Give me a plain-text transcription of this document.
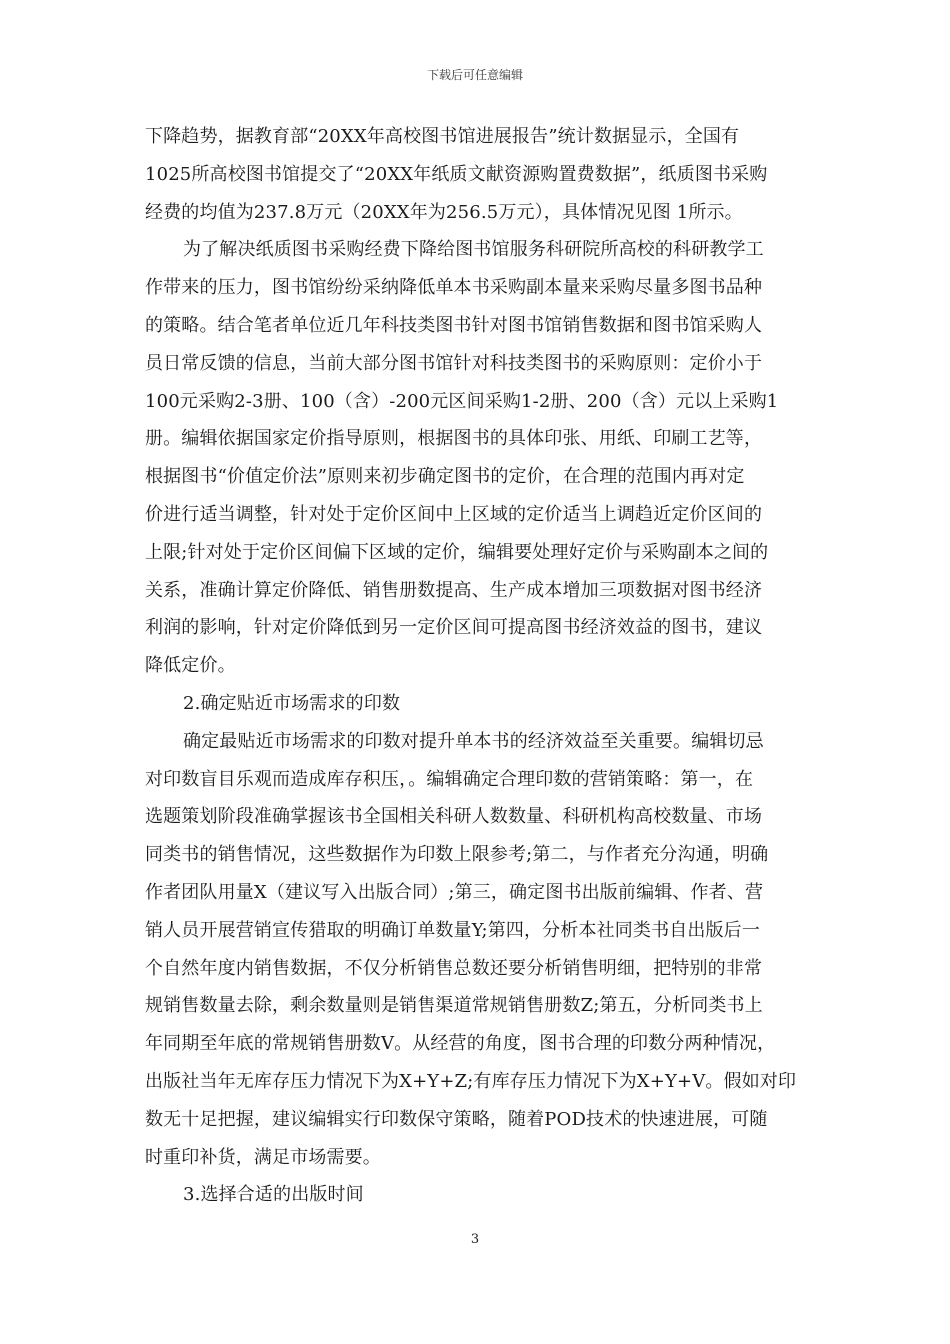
下载后可任意编辑
下降趋势，据教育部“20XX年高校图书馆进展报告”统计数据显示，全国有
1025所高校图书馆提交了“20XX年纸质文献资源购置费数据”，纸质图书采购
经费的均值为237.8万元（20XX年为256.5万元），具体情况见图 1所示。
为了解决纸质图书采购经费下降给图书馆服务科研院所高校的科研教学工
作带来的压力，图书馆纷纷采纳降低单本书采购副本量来采购尽量多图书品种
的策略。结合笔者单位近几年科技类图书针对图书馆销售数据和图书馆采购人
员日常反馈的信息，当前大部分图书馆针对科技类图书的采购原则：定价小于
100元采购2-3册、100（含）-200元区间采购1-2册、200（含）元以上采购1
册。编辑依据国家定价指导原则，根据图书的具体印张、用纸、印刷工艺等，
根据图书“价值定价法”原则来初步确定图书的定价，在合理的范围内再对定
价进行适当调整，针对处于定价区间中上区域的定价适当上调趋近定价区间的
上限;针对处于定价区间偏下区域的定价，编辑要处理好定价与采购副本之间的
关系，准确计算定价降低、销售册数提高、生产成本增加三项数据对图书经济
利润的影响，针对定价降低到另一定价区间可提高图书经济效益的图书，建议
降低定价。
2.确定贴近市场需求的印数
确定最贴近市场需求的印数对提升单本书的经济效益至关重要。编辑切忌
对印数盲目乐观而造成库存积压，。编辑确定合理印数的营销策略：第一，在
选题策划阶段准确掌握该书全国相关科研人数数量、科研机构高校数量、市场
同类书的销售情况，这些数据作为印数上限参考;第二，与作者充分沟通，明确
作者团队用量X（建议写入出版合同）;第三，确定图书出版前编辑、作者、营
销人员开展营销宣传猎取的明确订单数量Y;第四，分析本社同类书自出版后一
个自然年度内销售数据，不仅分析销售总数还要分析销售明细，把特别的非常
规销售数量去除，剩余数量则是销售渠道常规销售册数Z;第五，分析同类书上
年同期至年底的常规销售册数V。从经营的角度，图书合理的印数分两种情况，
出版社当年无库存压力情况下为X+Y+Z;有库存压力情况下为X+Y+V。假如对印
数无十足把握，建议编辑实行印数保守策略，随着POD技术的快速进展，可随
时重印补货，满足市场需要。
3.选择合适的出版时间
3
